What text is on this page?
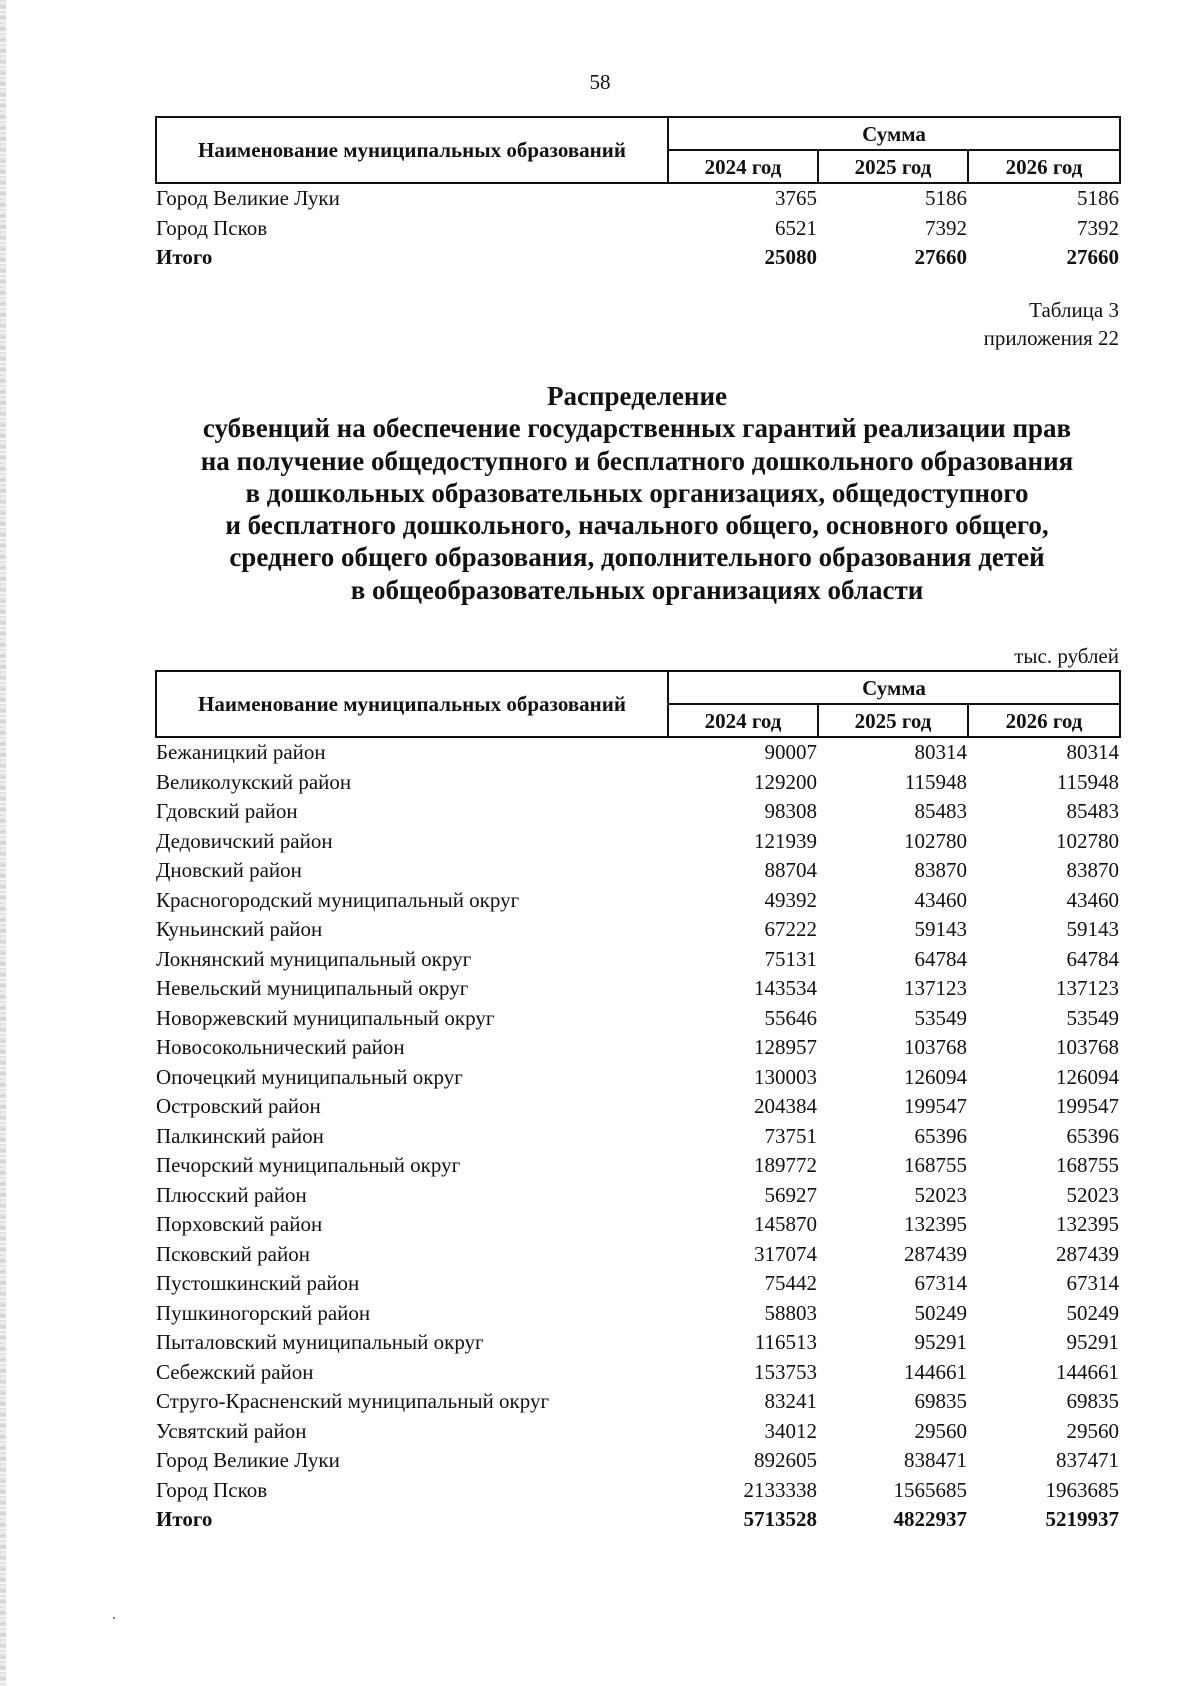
58
Наименование муниципальных образований	Сумма		
	2024 год	2025 год	2026 год
Город Великие Луки	3765	5186	5186
Город Псков	6521	7392	7392
Итого	25080	27660	27660
Таблица 3
приложения 22
Распределение
субвенций на обеспечение государственных гарантий реализации прав
на получение общедоступного и бесплатного дошкольного образования
в дошкольных образовательных организациях, общедоступного
и бесплатного дошкольного, начального общего, основного общего,
среднего общего образования, дополнительного образования детей
в общеобразовательных организациях области
тыс. рублей
Наименование муниципальных образований	Сумма		
	2024 год	2025 год	2026 год
Бежаницкий район	90007	80314	80314
Великолукский район	129200	115948	115948
Гдовский район	98308	85483	85483
Дедовичский район	121939	102780	102780
Дновский район	88704	83870	83870
Красногородский муниципальный округ	49392	43460	43460
Куньинский район	67222	59143	59143
Локнянский муниципальный округ	75131	64784	64784
Невельский муниципальный округ	143534	137123	137123
Новоржевский муниципальный округ	55646	53549	53549
Новосокольнический район	128957	103768	103768
Опочецкий муниципальный округ	130003	126094	126094
Островский район	204384	199547	199547
Палкинский район	73751	65396	65396
Печорский муниципальный округ	189772	168755	168755
Плюсский район	56927	52023	52023
Порховский район	145870	132395	132395
Псковский район	317074	287439	287439
Пустошкинский район	75442	67314	67314
Пушкиногорский район	58803	50249	50249
Пыталовский муниципальный округ	116513	95291	95291
Себежский район	153753	144661	144661
Струго-Красненский муниципальный округ	83241	69835	69835
Усвятский район	34012	29560	29560
Город Великие Луки	892605	838471	837471
Город Псков	2133338	1565685	1963685
Итого	5713528	4822937	5219937
